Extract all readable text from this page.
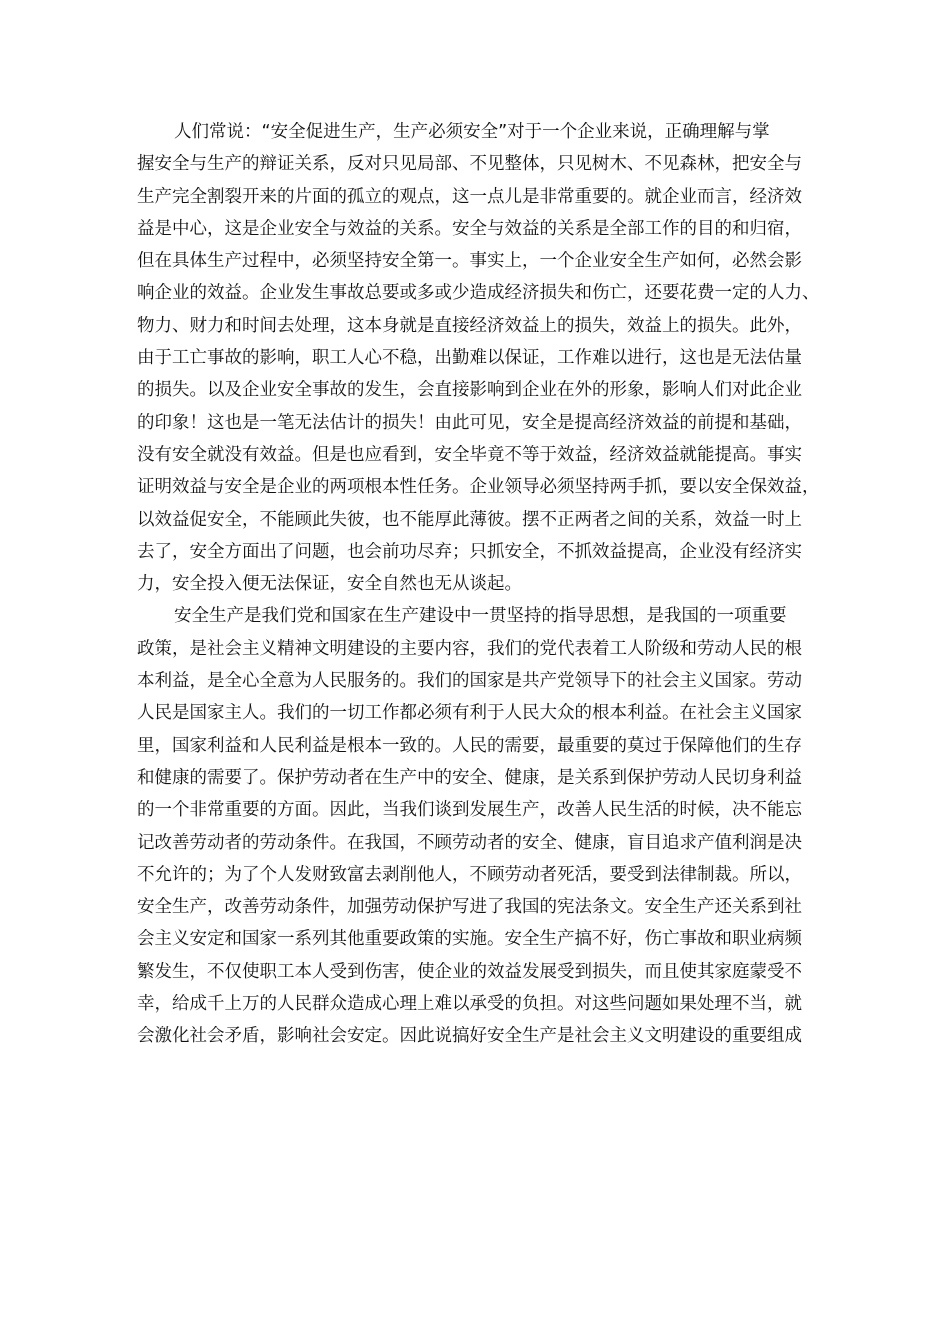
人们常说：“安全促进生产，生产必须安全”对于一个企业来说，正确理解与掌
握安全与生产的辩证关系，反对只见局部、不见整体，只见树木、不见森林，把安全与
生产完全割裂开来的片面的孤立的观点，这一点儿是非常重要的。就企业而言，经济效
益是中心，这是企业安全与效益的关系。安全与效益的关系是全部工作的目的和归宿，
但在具体生产过程中，必须坚持安全第一。事实上，一个企业安全生产如何，必然会影
响企业的效益。企业发生事故总要或多或少造成经济损失和伤亡，还要花费一定的人力、
物力、财力和时间去处理，这本身就是直接经济效益上的损失，效益上的损失。此外，
由于工亡事故的影响，职工人心不稳，出勤难以保证，工作难以进行，这也是无法估量
的损失。以及企业安全事故的发生，会直接影响到企业在外的形象，影响人们对此企业
的印象！这也是一笔无法估计的损失！由此可见，安全是提高经济效益的前提和基础，
没有安全就没有效益。但是也应看到，安全毕竟不等于效益，经济效益就能提高。事实
证明效益与安全是企业的两项根本性任务。企业领导必须坚持两手抓，要以安全保效益，
以效益促安全，不能顾此失彼，也不能厚此薄彼。摆不正两者之间的关系，效益一时上
去了，安全方面出了问题，也会前功尽弃；只抓安全，不抓效益提高，企业没有经济实
力，安全投入便无法保证，安全自然也无从谈起。
安全生产是我们党和国家在生产建设中一贯坚持的指导思想，是我国的一项重要
政策，是社会主义精神文明建设的主要内容，我们的党代表着工人阶级和劳动人民的根
本利益，是全心全意为人民服务的。我们的国家是共产党领导下的社会主义国家。劳动
人民是国家主人。我们的一切工作都必须有利于人民大众的根本利益。在社会主义国家
里，国家利益和人民利益是根本一致的。人民的需要，最重要的莫过于保障他们的生存
和健康的需要了。保护劳动者在生产中的安全、健康，是关系到保护劳动人民切身利益
的一个非常重要的方面。因此，当我们谈到发展生产，改善人民生活的时候，决不能忘
记改善劳动者的劳动条件。在我国，不顾劳动者的安全、健康，盲目追求产值利润是决
不允许的；为了个人发财致富去剥削他人，不顾劳动者死活，要受到法律制裁。所以，
安全生产，改善劳动条件，加强劳动保护写进了我国的宪法条文。安全生产还关系到社
会主义安定和国家一系列其他重要政策的实施。安全生产搞不好，伤亡事故和职业病频
繁发生，不仅使职工本人受到伤害，使企业的效益发展受到损失，而且使其家庭蒙受不
幸，给成千上万的人民群众造成心理上难以承受的负担。对这些问题如果处理不当，就
会激化社会矛盾，影响社会安定。因此说搞好安全生产是社会主义文明建设的重要组成
